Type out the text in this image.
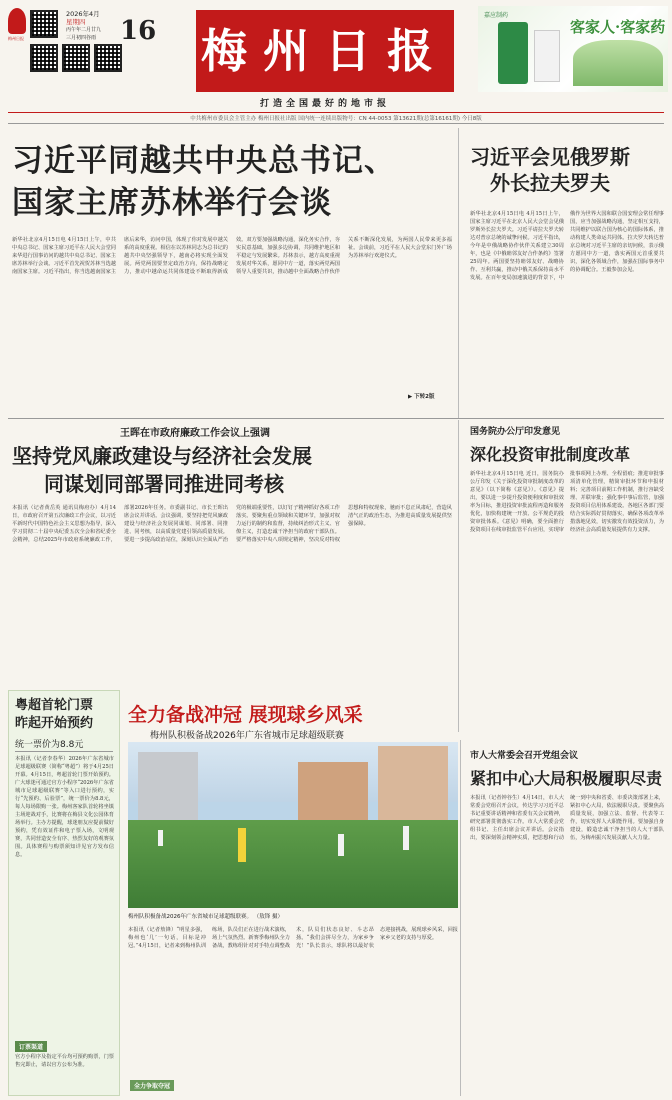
梅州日报
2026年4月
星期四
丙午年二月廿九
三月初四谷雨 16 梅州日报
打造全国最好的地市报
嘉应制药
客家人·客家药
中共梅州市委员会主管主办 梅州日报社出版 国内统一连续出版物号：CN 44-0053 第13621期(总第16161期) 今日8版
习近平同越共中央总书记、
国家主席苏林举行会谈
新华社北京4月15日电 4月15日上午，中共中央总书记、国家主席习近平在人民大会堂同来华进行国事访问的越共中央总书记、国家主席苏林举行会谈。习近平首先祝贺苏林当选越南国家主席。习近平指出，你当选越南国家主席后来华，访问中国，体现了你对发展中越关系的高度重视。相信在以苏林同志为总书记的越共中央坚强领导下，越南必将实现全面发展。两党两国要坚定政治方向，保持战略定力，推动中越命运共同体建设不断取得新成效。双方要加强战略沟通，深化务实合作，夯实民意基础，加强多边协调，共同维护地区和平稳定与发展繁荣。苏林表示，越方高度重视发展对华关系，愿同中方一道，落实两党两国领导人重要共识，推动越中全面战略合作伙伴关系不断深化发展，为两国人民带来更多福祉。会谈前，习近平在人民大会堂东门外广场为苏林举行欢迎仪式。
▶ 下转2版
习近平会见俄罗斯
外长拉夫罗夫
新华社北京4月15日电 4月15日上午，国家主席习近平在北京人民大会堂会见俄罗斯外长拉夫罗夫。习近平请拉夫罗夫转达对普京总统的诚挚问候。习近平指出，今年是中俄战略协作伙伴关系建立30周年，也是《中俄睦邻友好合作条约》签署25周年。两国要坚持睦邻友好、战略协作、互利共赢，推动中俄关系保持高水平发展。在百年变局加速演进的背景下，中俄作为世界大国和联合国安理会常任理事国，应当加强战略沟通，坚定相互支持，共同维护以联合国为核心的国际体系，推动构建人类命运共同体。拉夫罗夫转达普京总统对习近平主席的亲切问候，表示俄方愿同中方一道，落实两国元首重要共识，深化各领域合作，加强在国际事务中的协调配合。王毅参加会见。
王晖在市政府廉政工作会议上强调
坚持党风廉政建设与经济社会发展
同谋划同部署同推进同考核
本报讯（记者黄岳英 通讯员梅府办）4月14日，市政府召开第五次廉政工作会议，以习近平新时代中国特色社会主义思想为指导，深入学习贯彻二十届中央纪委五次全会和省纪委全会精神，总结2025年市政府系统廉政工作，部署2026年任务。市委副书记、市长王晖出席会议并讲话。会议强调，要坚持把党风廉政建设与经济社会发展同谋划、同部署、同推进、同考核，以高质量党建引领高质量发展。要进一步提高政治站位，深刻认识全面从严治党的极端重要性，以钉钉子精神抓好各项工作落实。要聚焦重点领域和关键环节，加强对权力运行的制约和监督，持续纠治形式主义、官僚主义，打造忠诚干净担当的政府干部队伍。要严格落实中央八项规定精神，坚决反对特权思想和特权现象，驰而不息正风肃纪，营造风清气正的政治生态，为推进高质量发展提供坚强保障。
国务院办公厅印发意见
深化投资审批制度改革
新华社北京4月15日电 近日，国务院办公厅印发《关于深化投资审批制度改革的意见》（以下简称《意见》）。《意见》提出，要以进一步提升投资便利度和审批效率为目标，推进投资审批流程再造和服务优化，加快构建统一开放、公平规范的投资审批体系。《意见》明确，要全面推行投资项目在线审批监管平台应用，实现审批事项网上办理、全程留痕；推进审批事项清单化管理，精简审批环节和申报材料；完善项目前期工作机制，推行容缺受理、并联审批；强化事中事后监管，加强投资项目信用体系建设。各地区各部门要结合实际抓好贯彻落实，确保各项改革举措落地见效，切实激发有效投资活力，为经济社会高质量发展提供有力支撑。
粤超首轮门票
昨起开始预约
统一票价为8.8元
本报讯（记者李春华）2026年广东省城市足球超级联赛（简称“粤超”）将于4月25日开幕。4月15日，粤超首轮门票开始预约。广大球迷可通过官方小程序“2026年广东省城市足球超级联赛”等入口进行预约，实行“先预约、后验票”，统一票价为8.8元，每人每场限购一张。梅州客家队首轮将坐镇主场迎战对手，比赛将在梅县文化公园体育场举行。主办方提醒，球迷朋友应提前做好预约，凭有效证件和电子票入场，文明观赛，共同营造安全有序、热烈友好的观赛氛围。具体赛程与购票须知详见官方发布信息。
订票渠道
官方小程序及指定平台均可预约购票，门票售完即止，请以官方公布为准。
全力备战冲冠 展现球乡风采
梅州队积极备战2026年广东省城市足球超级联赛
梅州队积极备战2026年广东省城市足球超级联赛。 （敖锋 摄）
本报讯（记者敖锋）“明星多强，梅州也‘几’一句话，目标是冲冠。”4月15日，记者来到梅州队训练场，队员们正在进行战术演练，场上气氛热烈。新赛季梅州队全力备战，教练组针对对手特点调整战术，队员们状态良好、斗志昂扬。“我们会拼尽全力，为家乡争光！”队长表示，球队将以最好状态迎接挑战，展现球乡风采，回报家乡父老的支持与厚爱。
全力争取夺冠
市人大常委会召开党组会议
紧扣中心大局积极履职尽责
本报讯（记者钟谷生）4月14日，市人大常委会党组召开会议，传达学习习近平总书记重要讲话精神和省委有关会议精神，研究部署贯彻落实工作。市人大常委会党组书记、主任出席会议并讲话。会议指出，要深刻领会精神实质，把思想和行动统一到中央和省委、市委决策部署上来，紧扣中心大局，依法履职尽责。要聚焦高质量发展，加强立法、监督、代表等工作，切实发挥人大职能作用。要加强自身建设，锻造忠诚干净担当的人大干部队伍，为梅州振兴发展贡献人大力量。
